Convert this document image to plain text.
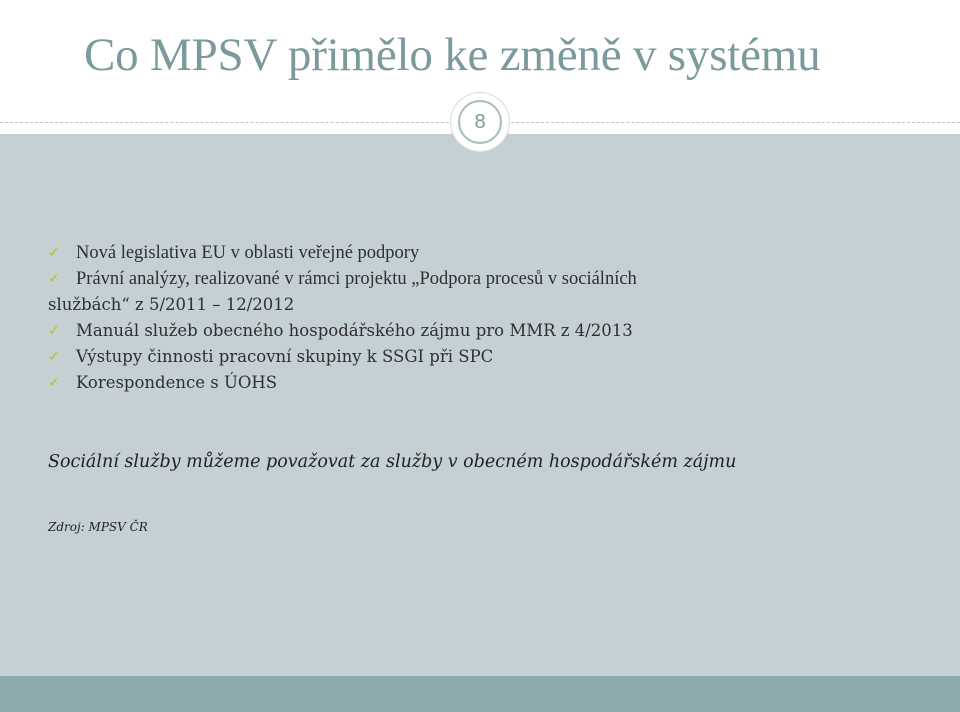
Co MPSV přimělo ke změně v systému
8
✓ Nová legislativa EU v oblasti veřejné podpory
✓ Právní analýzy, realizované v rámci projektu „Podpora procesů v sociálních
službách“ z 5/2011 – 12/2012
✓ Manuál služeb obecného hospodářského zájmu pro MMR z 4/2013
✓ Výstupy činnosti pracovní skupiny k SSGI při SPC
✓ Korespondence s ÚOHS

Sociální služby můžeme považovat za služby v obecném hospodářském zájmu

Zdroj: MPSV ČR
